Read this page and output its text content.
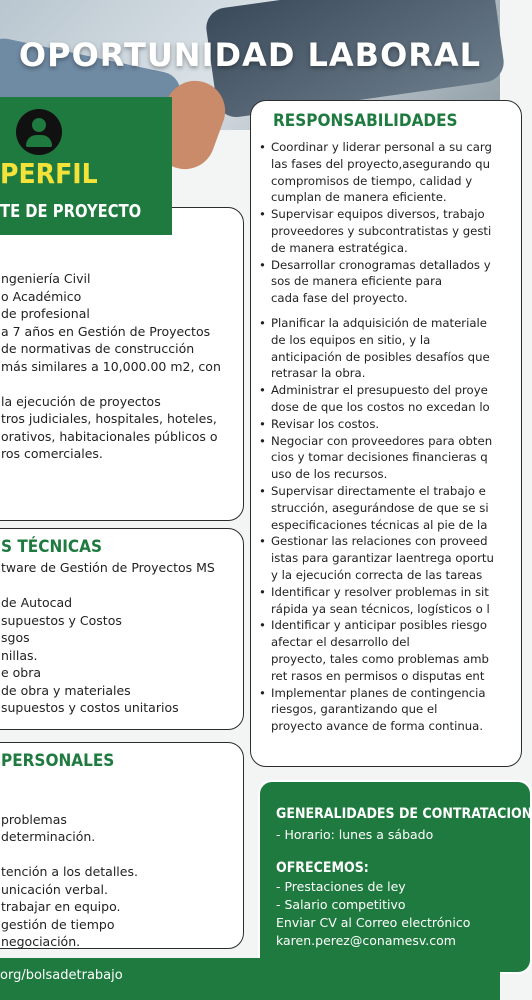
OPORTUNIDAD LABORAL
ngeniería Civil
o Académico
de profesional
a 7 años en Gestión de Proyectos
de normativas de construcción
más similares a 10,000.00 m2, con

la ejecución de proyectos
tros judiciales, hospitales, hoteles,
orativos, habitacionales públicos o
ros comerciales.
PERFIL
TE DE PROYECTO
S TÉCNICAS
tware de Gestión de Proyectos MS

de Autocad
supuestos y Costos
sgos
nillas.
e obra
de obra y materiales
supuestos y costos unitarios
PERSONALES

problemas
determinación.

tención a los detalles.
unicación verbal.
trabajar en equipo.
gestión de tiempo
negociación.
RESPONSABILIDADES
• Coordinar y liderar personal a su carg
las fases del proyecto,asegurando qu
compromisos de tiempo, calidad y
cumplan de manera eficiente.
• Supervisar equipos diversos, trabajo
proveedores y subcontratistas y gesti
de manera estratégica.
• Desarrollar cronogramas detallados y
sos de manera eficiente para
cada fase del proyecto.
• Planificar la adquisición de materiale
de los equipos en sitio, y la
anticipación de posibles desafíos que
retrasar la obra.
• Administrar el presupuesto del proye
dose de que los costos no excedan lo
• Revisar los costos.
• Negociar con proveedores para obten
cios y tomar decisiones financieras q
uso de los recursos.
• Supervisar directamente el trabajo e
strucción, asegurándose de que se si
especificaciones técnicas al pie de la
• Gestionar las relaciones con proveed
istas para garantizar laentrega oportu
y la ejecución correcta de las tareas
• Identificar y resolver problemas in sit
rápida ya sean técnicos, logísticos o l
• Identificar y anticipar posibles riesgo
afectar el desarrollo del
proyecto, tales como problemas amb
ret rasos en permisos o disputas ent
• Implementar planes de contingencia
riesgos, garantizando que el
proyecto avance de forma continua.
GENERALIDADES DE CONTRATACION
- Horario: lunes a sábado
OFRECEMOS:
- Prestaciones de ley
- Salario competitivo
Enviar CV al Correo electrónico
karen.perez@conamesv.com
org/bolsadetrabajo
